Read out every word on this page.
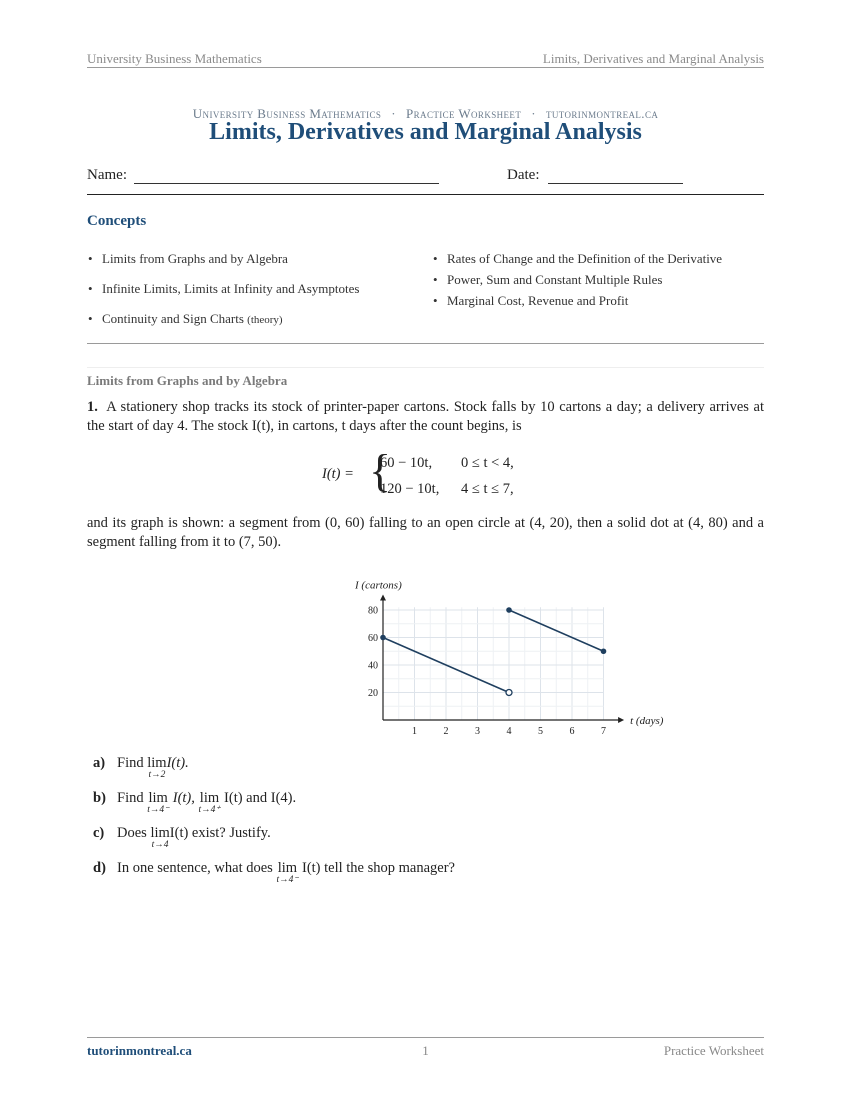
University Business Mathematics	Limits, Derivatives and Marginal Analysis
University Business Mathematics · Practice Worksheet · tutorinmontreal.ca
Limits, Derivatives and Marginal Analysis
Name:	Date:
Concepts
• Limits from Graphs and by Algebra
• Infinite Limits, Limits at Infinity and Asymptotes
• Continuity and Sign Charts (theory)
• Rates of Change and the Definition of the Derivative
• Power, Sum and Constant Multiple Rules
• Marginal Cost, Revenue and Profit
Limits from Graphs and by Algebra
1. A stationery shop tracks its stock of printer-paper cartons. Stock falls by 10 cartons a day; a delivery arrives at the start of day 4. The stock I(t), in cartons, t days after the count begins, is
I(t) = {
60 − 10t, 0 ≤ t < 4,
120 − 10t, 4 ≤ t ≤ 7,
and its graph is shown: a segment from (0, 60) falling to an open circle at (4, 20), then a solid dot at (4, 80) and a segment falling from it to (7, 50).
1	2	3	4	5	6	7
20
40
60
80
I (cartons)
t (days)
a) Find lim
t→2
I(t).
b) Find lim
t→4⁻
I(t), lim
t→4⁺
I(t) and I(4).
c) Does lim
t→4
I(t) exist? Justify.
d) In one sentence, what does lim
t→4⁻
I(t) tell the shop manager?
tutorinmontreal.ca	1	Practice Worksheet
